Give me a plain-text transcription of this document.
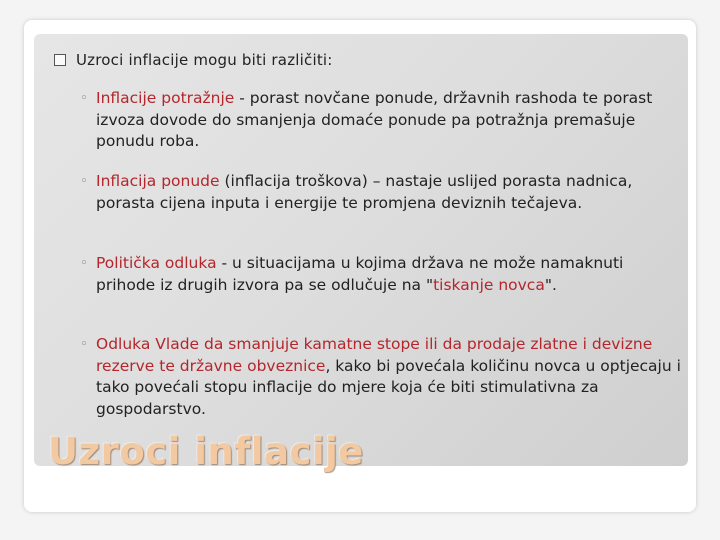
Uzroci inflacije mogu biti različiti:
◦ Inflacije potražnje - porast novčane ponude, državnih rashoda te porast izvoza dovode do smanjenja domaće ponude pa potražnja premašuje ponudu roba.
◦ Inflacija ponude (inflacija troškova) – nastaje uslijed porasta nadnica, porasta cijena inputa i energije te promjena deviznih tečajeva.
◦ Politička odluka - u situacijama u kojima država ne može namaknuti prihode iz drugih izvora pa se odlučuje na "tiskanje novca".
◦ Odluka Vlade da smanjuje kamatne stope ili da prodaje zlatne i devizne rezerve te državne obveznice, kako bi povećala količinu novca u optjecaju i tako povećali stopu inflacije do mjere koja će biti stimulativna za gospodarstvo.
Uzroci inflacije
